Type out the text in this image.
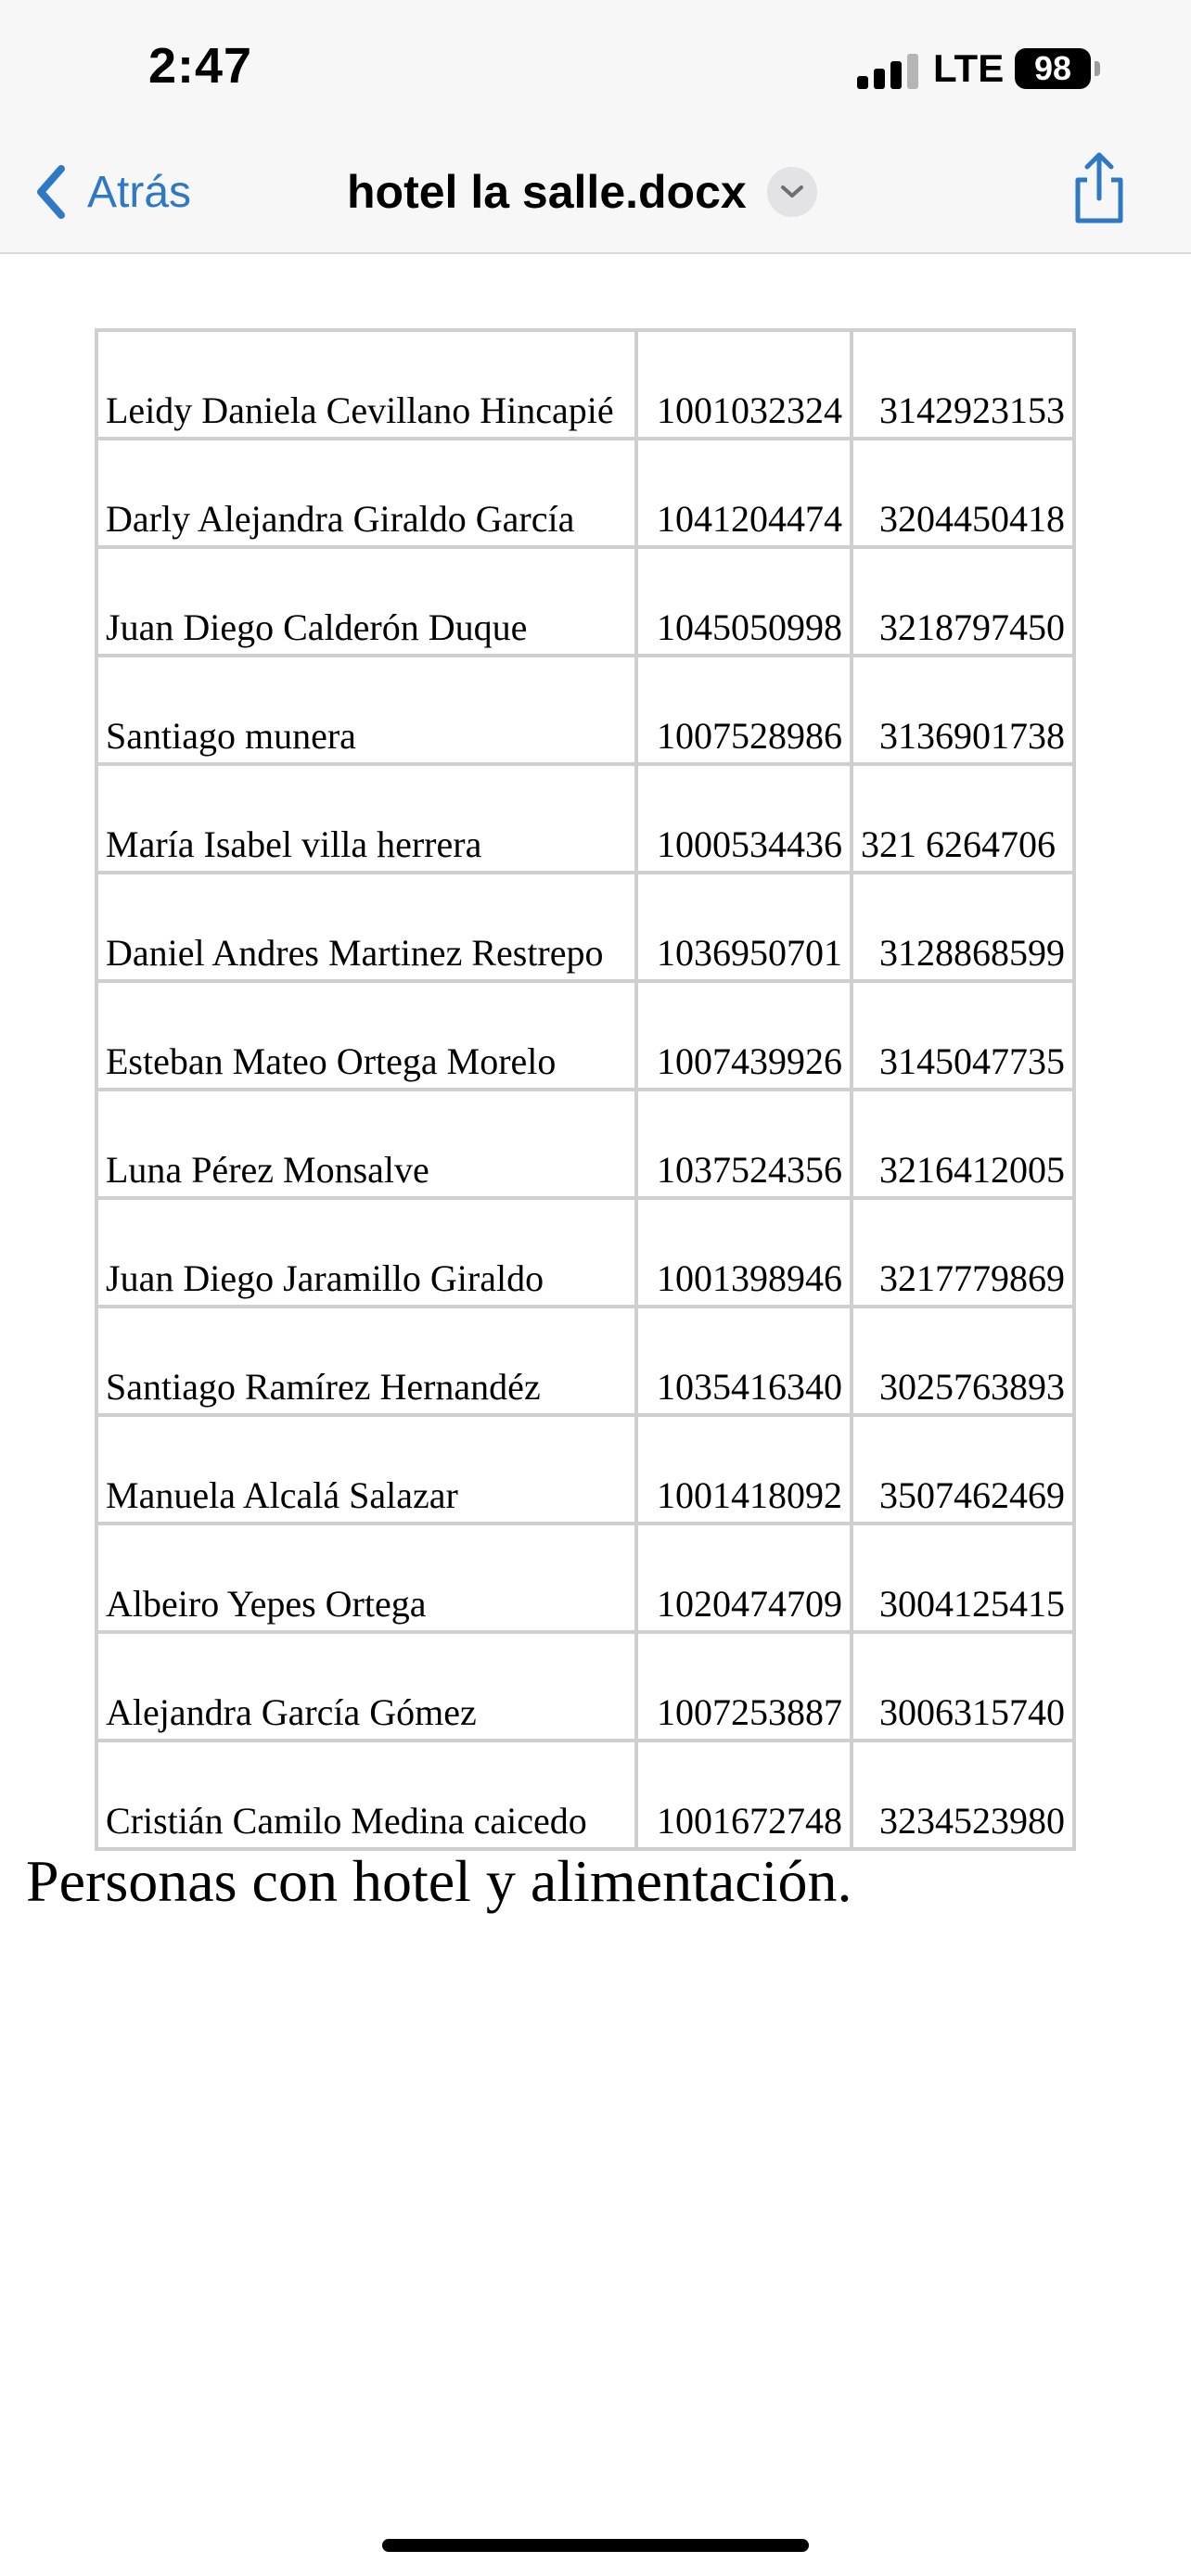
2:47	LTE 98
Atrás	hotel la salle.docx
Leidy Daniela Cevillano Hincapié	1001032324	3142923153
Darly Alejandra Giraldo García	1041204474	3204450418
Juan Diego Calderón Duque	1045050998	3218797450
Santiago munera	1007528986	3136901738
María Isabel villa herrera	1000534436	321 6264706
Daniel Andres Martinez Restrepo	1036950701	3128868599
Esteban Mateo Ortega Morelo	1007439926	3145047735
Luna Pérez Monsalve	1037524356	3216412005
Juan Diego Jaramillo Giraldo	1001398946	3217779869
Santiago Ramírez Hernandéz	1035416340	3025763893
Manuela Alcalá Salazar	1001418092	3507462469
Albeiro Yepes Ortega	1020474709	3004125415
Alejandra García Gómez	1007253887	3006315740
Cristián Camilo Medina caicedo	1001672748	3234523980
Personas con hotel y alimentación.
